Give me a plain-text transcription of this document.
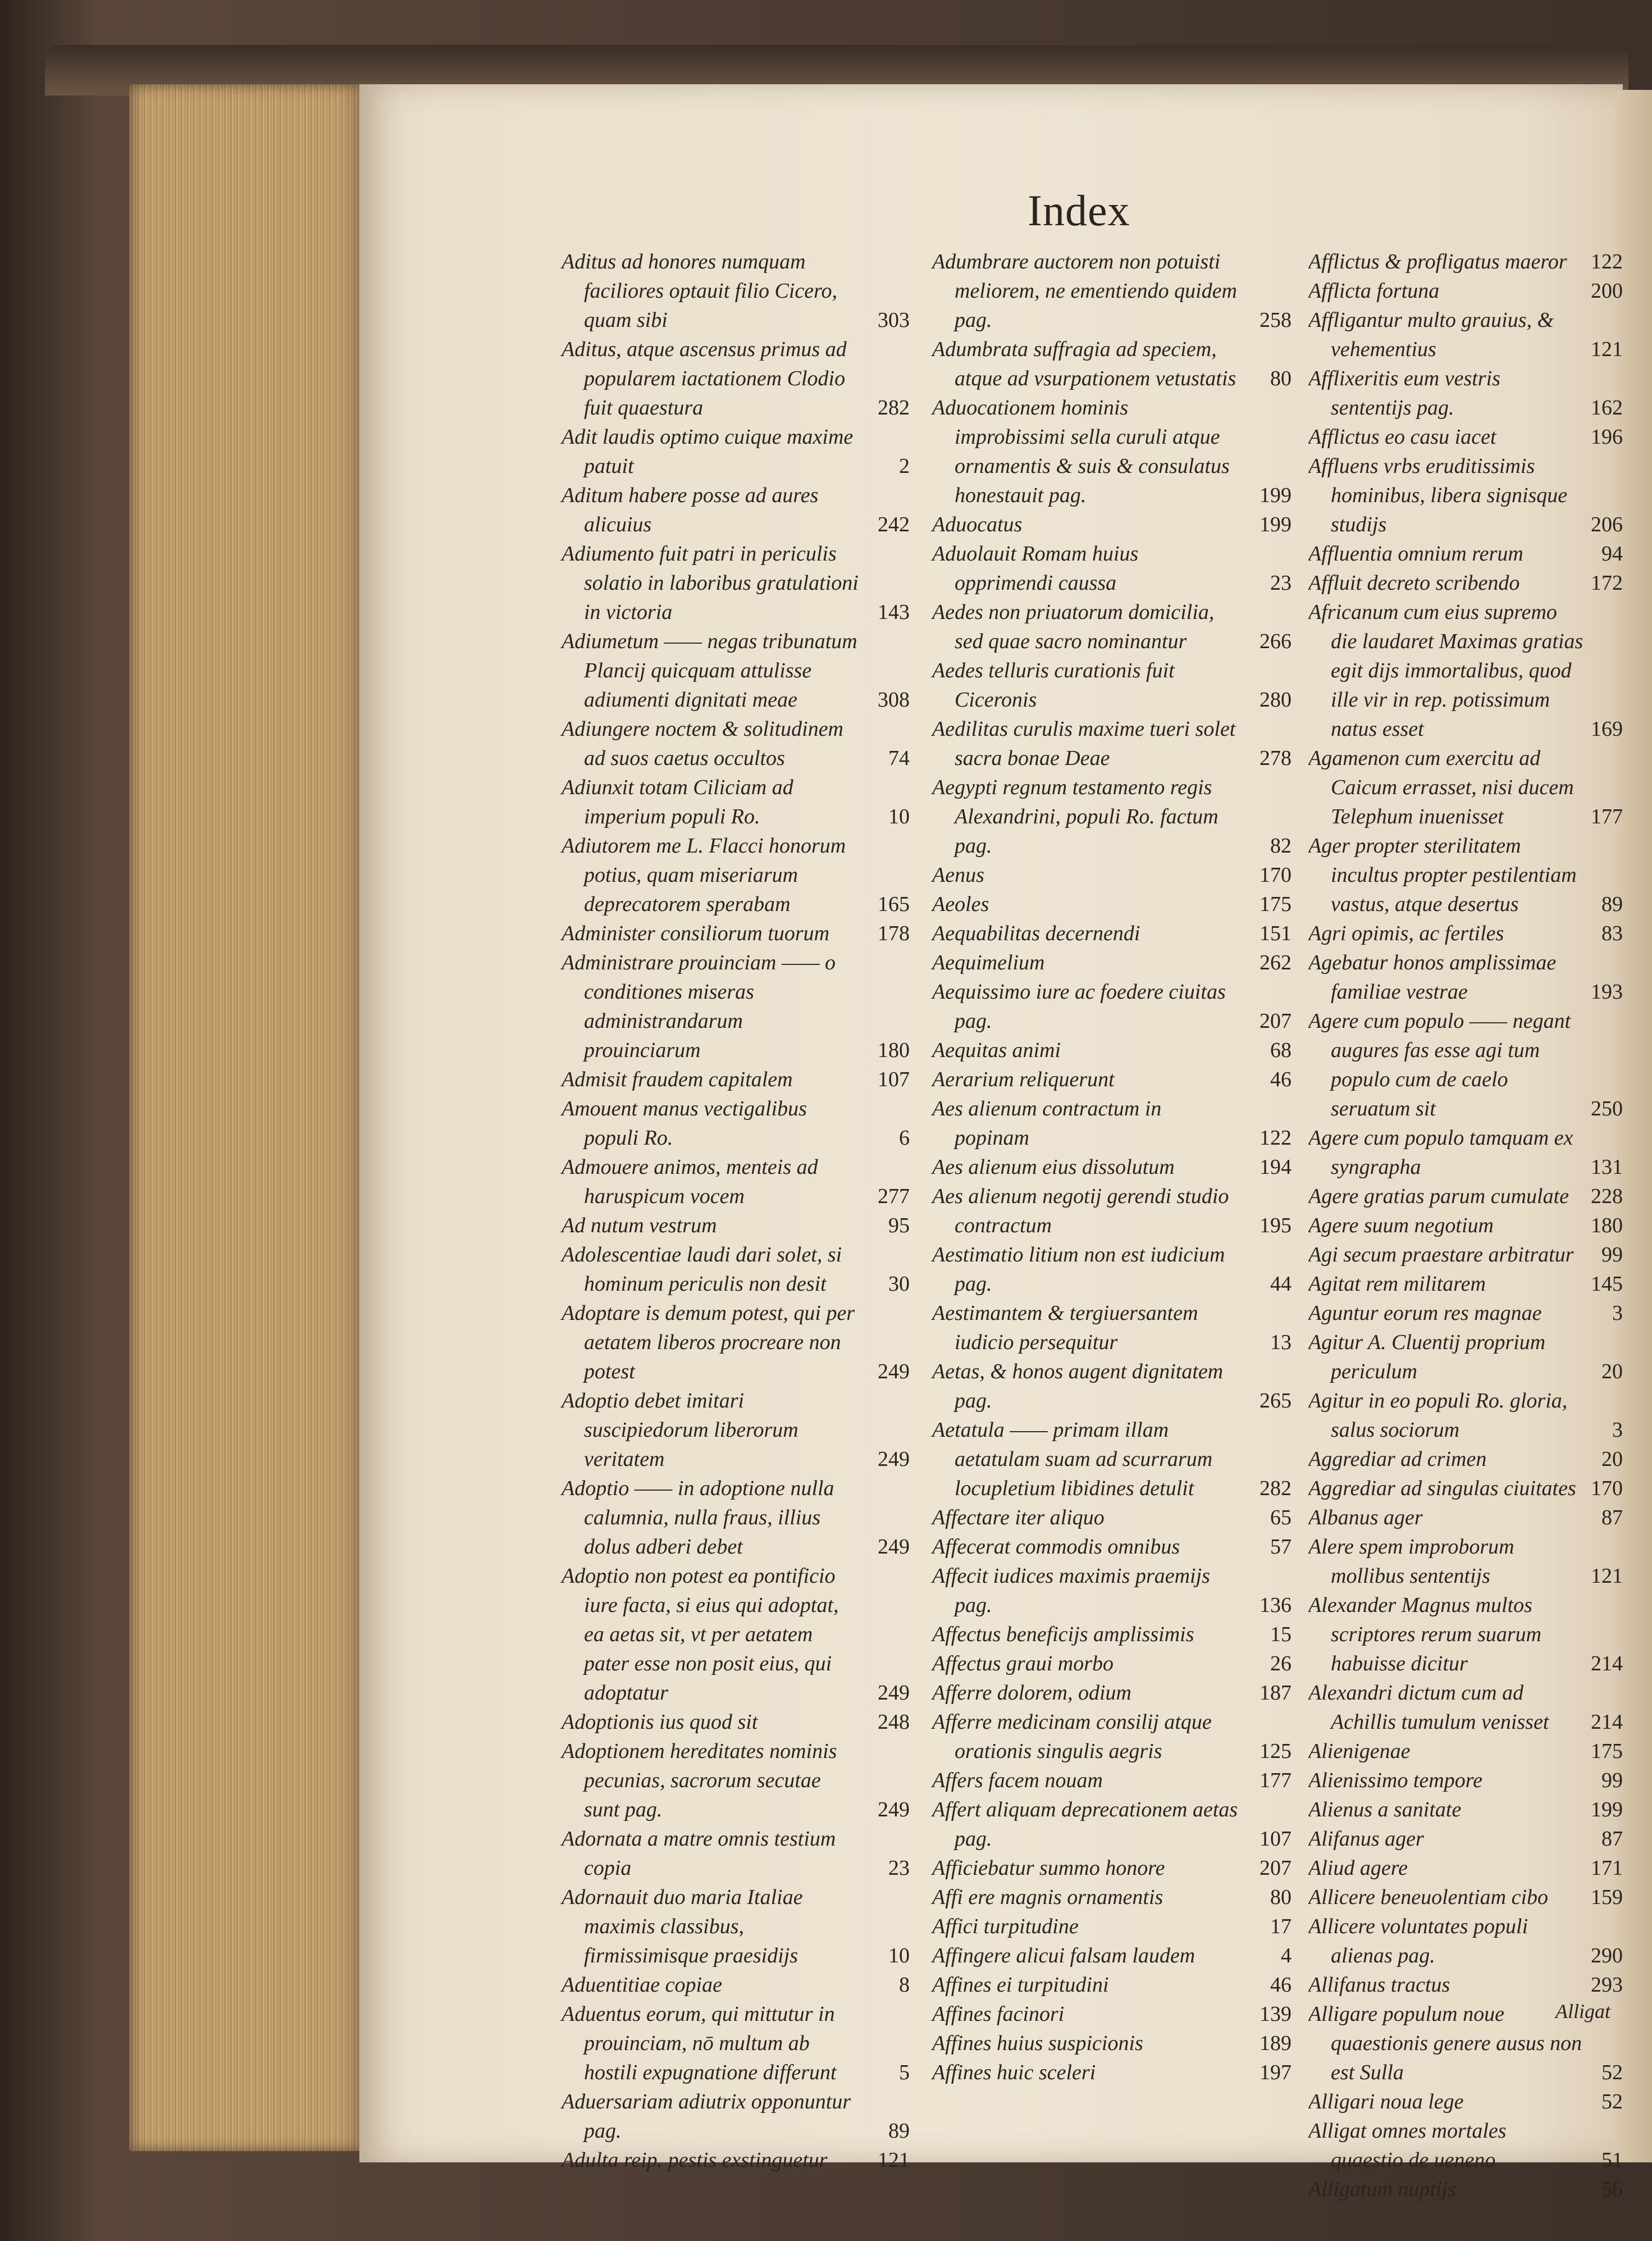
Index
Aditus ad honores numquam faciliores optauit filio Cicero, quam sibi	303
Aditus, atque ascensus primus ad popularem iactationem Clodio fuit quaestura	282
Adit laudis optimo cuique maxime patuit	2
Aditum habere posse ad aures alicuius	242
Adiumento fuit patri in periculis solatio in laboribus gratulationi in victoria	143
Adiumetum —— negas tribunatum Plancij quicquam attulisse adiumenti dignitati meae	308
Adiungere noctem & solitudinem ad suos caetus occultos	74
Adiunxit totam Ciliciam ad imperium populi Ro.	10
Adiutorem me L. Flacci honorum potius, quam miseriarum deprecatorem sperabam	165
Administer consiliorum tuorum	178
Administrare prouinciam —— o conditiones miseras administrandarum prouinciarum	180
Admisit fraudem capitalem	107
Amouent manus vectigalibus populi Ro.	6
Admouere animos, menteis ad haruspicum vocem	277
Ad nutum vestrum	95
Adolescentiae laudi dari solet, si hominum periculis non desit	30
Adoptare is demum potest, qui per aetatem liberos procreare non potest	249
Adoptio debet imitari suscipiedorum liberorum veritatem	249
Adoptio —— in adoptione nulla calumnia, nulla fraus, illius dolus adberi debet	249
Adoptio non potest ea pontificio iure facta, si eius qui adoptat, ea aetas sit, vt per aetatem pater esse non posit eius, qui adoptatur	249
Adoptionis ius quod sit	248
Adoptionem hereditates nominis pecunias, sacrorum secutae sunt pag.	249
Adornata a matre omnis testium copia	23
Adornauit duo maria Italiae maximis classibus, firmissimisque praesidijs	10
Aduentitiae copiae	8
Aduentus eorum, qui mittutur in prouinciam, nō multum ab hostili expugnatione differunt	5
Aduersariam adiutrix opponuntur pag.	89
Adulta reip. pestis exstinguetur	121
Adumbrare auctorem non potuisti meliorem, ne ementiendo quidem pag.	258
Adumbrata suffragia ad speciem, atque ad vsurpationem vetustatis 80
Aduocationem hominis improbissimi sella curuli atque ornamentis & suis & consulatus honestauit pag.	199
Aduocatus	199
Aduolauit Romam huius opprimendi caussa	23
Aedes non priuatorum domicilia, sed quae sacro nominantur	266
Aedes telluris curationis fuit Ciceronis	280
Aedilitas curulis maxime tueri solet sacra bonae Deae	278
Aegypti regnum testamento regis Alexandrini, populi Ro. factum pag.	82
Aenus	170
Aeoles	175
Aequabilitas decernendi	151
Aequimelium	262
Aequissimo iure ac foedere ciuitas pag.	207
Aequitas animi	68
Aerarium reliquerunt	46
Aes alienum contractum in popinam	122
Aes alienum eius dissolutum	194
Aes alienum negotij gerendi studio contractum	195
Aestimatio litium non est iudicium pag.	44
Aestimantem & tergiuersantem iudicio persequitur	13
Aetas, & honos augent dignitatem pag.	265
Aetatula —— primam illam aetatulam suam ad scurrarum locupletium libidines detulit	282
Affectare iter aliquo	65
Affecerat commodis omnibus	57
Affecit iudices maximis praemijs pag.	136
Affectus beneficijs amplissimis	15
Affectus graui morbo	26
Afferre dolorem, odium	187
Afferre medicinam consilij atque orationis singulis aegris	125
Affers facem nouam	177
Affert aliquam deprecationem aetas pag.	107
Afficiebatur summo honore	207
Affi ere magnis ornamentis	80
Affici turpitudine	17
Affingere alicui falsam laudem	4
Affines ei turpitudini	46
Affines facinori	139
Affines huius suspicionis	189
Affines huic sceleri	197
Afflictus & profligatus maeror	122
Afflicta fortuna	200
Affligantur multo grauius, & vehementius	121
Afflixeritis eum vestris sententijs pag.	162
Afflictus eo casu iacet	196
Affluens vrbs eruditissimis hominibus, libera signisque studijs	206
Affluentia omnium rerum	94
Affluit decreto scribendo	172
Africanum cum eius supremo die laudaret Maximas gratias egit dijs immortalibus, quod ille vir in rep. potissimum natus esset	169
Agamenon cum exercitu ad Caicum errasset, nisi ducem Telephum inuenisset	177
Ager propter sterilitatem incultus propter pestilentiam vastus, atque desertus	89
Agri opimis, ac fertiles	83
Agebatur honos amplissimae familiae vestrae	193
Agere cum populo —— negant augures fas esse agi tum populo cum de caelo seruatum sit	250
Agere cum populo tamquam ex syngrapha	131
Agere gratias parum cumulate	228
Agere suum negotium	180
Agi secum praestare arbitratur	99
Agitat rem militarem	145
Aguntur eorum res magnae	3
Agitur A. Cluentij proprium periculum	20
Agitur in eo populi Ro. gloria, salus sociorum	3
Aggrediar ad crimen	20
Aggrediar ad singulas ciuitates 170
Albanus ager	87
Alere spem improborum mollibus sententijs	121
Alexander Magnus multos scriptores rerum suarum habuisse dicitur	214
Alexandri dictum cum ad Achillis tumulum venisset	214
Alienigenae	175
Alienissimo tempore	99
Alienus a sanitate	199
Alifanus ager	87
Aliud agere	171
Allicere beneuolentiam cibo	159
Allicere voluntates populi alienas pag.	290
Allifanus tractus	293
Alligare populum noue quaestionis genere ausus non est Sulla	52
Alligari noua lege	52
Alligat omnes mortales quaestio de ueneno	51
Alligatum nuptijs	56
Alligat
